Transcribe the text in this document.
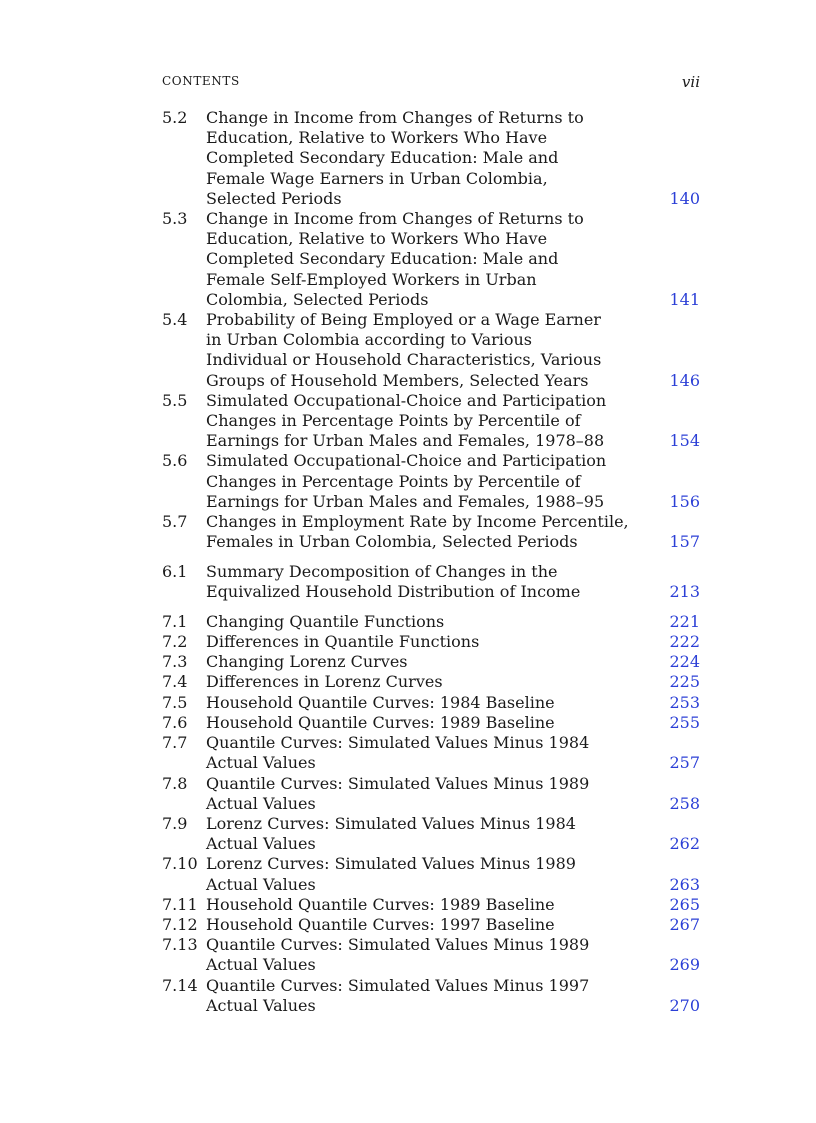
CONTENTS	vii
5.2 Change in Income from Changes of Returns to
Education, Relative to Workers Who Have
Completed Secondary Education: Male and
Female Wage Earners in Urban Colombia,
Selected Periods	140
5.3 Change in Income from Changes of Returns to
Education, Relative to Workers Who Have
Completed Secondary Education: Male and
Female Self-Employed Workers in Urban
Colombia, Selected Periods	141
5.4 Probability of Being Employed or a Wage Earner
in Urban Colombia according to Various
Individual or Household Characteristics, Various
Groups of Household Members, Selected Years	146
5.5 Simulated Occupational-Choice and Participation
Changes in Percentage Points by Percentile of
Earnings for Urban Males and Females, 1978–88	154
5.6 Simulated Occupational-Choice and Participation
Changes in Percentage Points by Percentile of
Earnings for Urban Males and Females, 1988–95	156
5.7 Changes in Employment Rate by Income Percentile,
Females in Urban Colombia, Selected Periods	157
6.1 Summary Decomposition of Changes in the
Equivalized Household Distribution of Income	213
7.1 Changing Quantile Functions	221
7.2 Differences in Quantile Functions	222
7.3 Changing Lorenz Curves	224
7.4 Differences in Lorenz Curves	225
7.5 Household Quantile Curves: 1984 Baseline	253
7.6 Household Quantile Curves: 1989 Baseline	255
7.7 Quantile Curves: Simulated Values Minus 1984
Actual Values	257
7.8 Quantile Curves: Simulated Values Minus 1989
Actual Values	258
7.9 Lorenz Curves: Simulated Values Minus 1984
Actual Values	262
7.10 Lorenz Curves: Simulated Values Minus 1989
Actual Values	263
7.11 Household Quantile Curves: 1989 Baseline	265
7.12 Household Quantile Curves: 1997 Baseline	267
7.13 Quantile Curves: Simulated Values Minus 1989
Actual Values	269
7.14 Quantile Curves: Simulated Values Minus 1997
Actual Values	270
